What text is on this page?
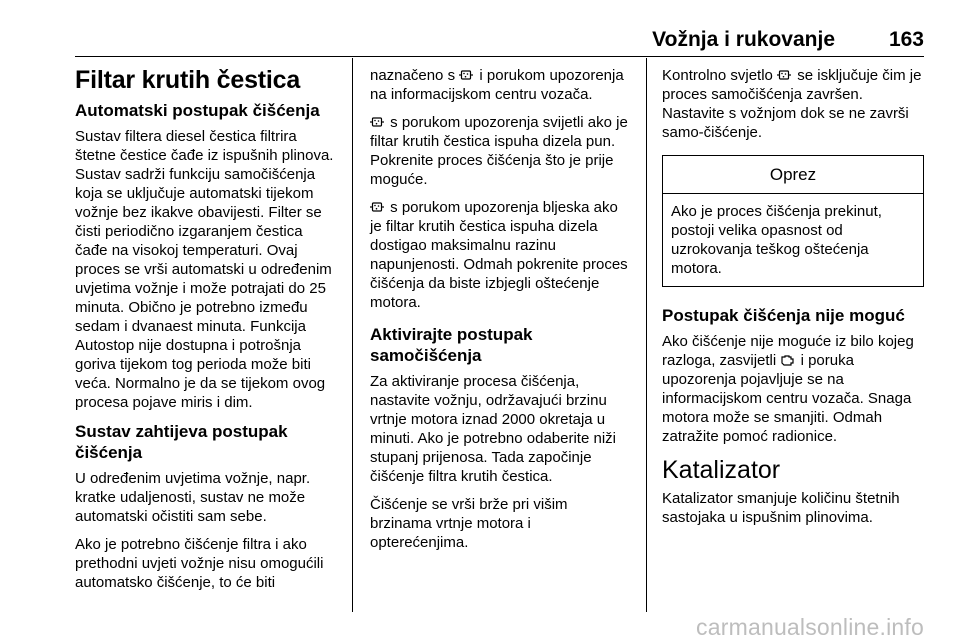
Vožnja i rukovanje	163
Filtar krutih čestica
Automatski postupak čišćenja

Sustav filtera diesel čestica filtrira štetne čestice čađe iz ispušnih plinova. Sustav sadrži funkciju samočišćenja koja se uključuje automatski tijekom vožnje bez ikakve obavijesti. Filter se čisti periodično izgaranjem čestica čađe na visokoj temperaturi. Ovaj proces se vrši automatski u određenim uvjetima vožnje i može potrajati do 25 minuta. Obično je potrebno između sedam i dvanaest minuta. Funkcija Autostop nije dostupna i potrošnja goriva tijekom tog perioda može biti veća. Normalno je da se tijekom ovog procesa pojave miris i dim.

Sustav zahtijeva postupak čišćenja

U određenim uvjetima vožnje, napr. kratke udaljenosti, sustav ne može automatski očistiti sam sebe.

Ako je potrebno čišćenje filtra i ako prethodni uvjeti vožnje nisu omogućili automatsko čišćenje, to će biti

naznačeno s i porukom upozorenja na informacijskom centru vozača.

s porukom upozorenja svijetli ako je filtar krutih čestica ispuha dizela pun. Pokrenite proces čišćenja što je prije moguće.

s porukom upozorenja bljeska ako je filtar krutih čestica ispuha dizela dostigao maksimalnu razinu napunjenosti. Odmah pokrenite proces čišćenja da biste izbjegli oštećenje motora.

Aktivirajte postupak samočišćenja

Za aktiviranje procesa čišćenja, nastavite vožnju, održavajući brzinu vrtnje motora iznad 2000 okretaja u minuti. Ako je potrebno odaberite niži stupanj prijenosa. Tada započinje čišćenje filtra krutih čestica.

Čišćenje se vrši brže pri višim brzinama vrtnje motora i opterećenjima.

Kontrolno svjetlo se isključuje čim je proces samočišćenja završen. Nastavite s vožnjom dok se ne završi samo-čišćenje.

Oprez
Ako je proces čišćenja prekinut, postoji velika opasnost od uzrokovanja teškog oštećenja motora.
Postupak čišćenja nije moguć

Ako čišćenje nije moguće iz bilo kojeg razloga, zasvijetli i poruka upozorenja pojavljuje se na informacijskom centru vozača. Snaga motora može se smanjiti. Odmah zatražite pomoć radionice.

Katalizator

Katalizator smanjuje količinu štetnih sastojaka u ispušnim plinovima.

carmanualsonline.info
